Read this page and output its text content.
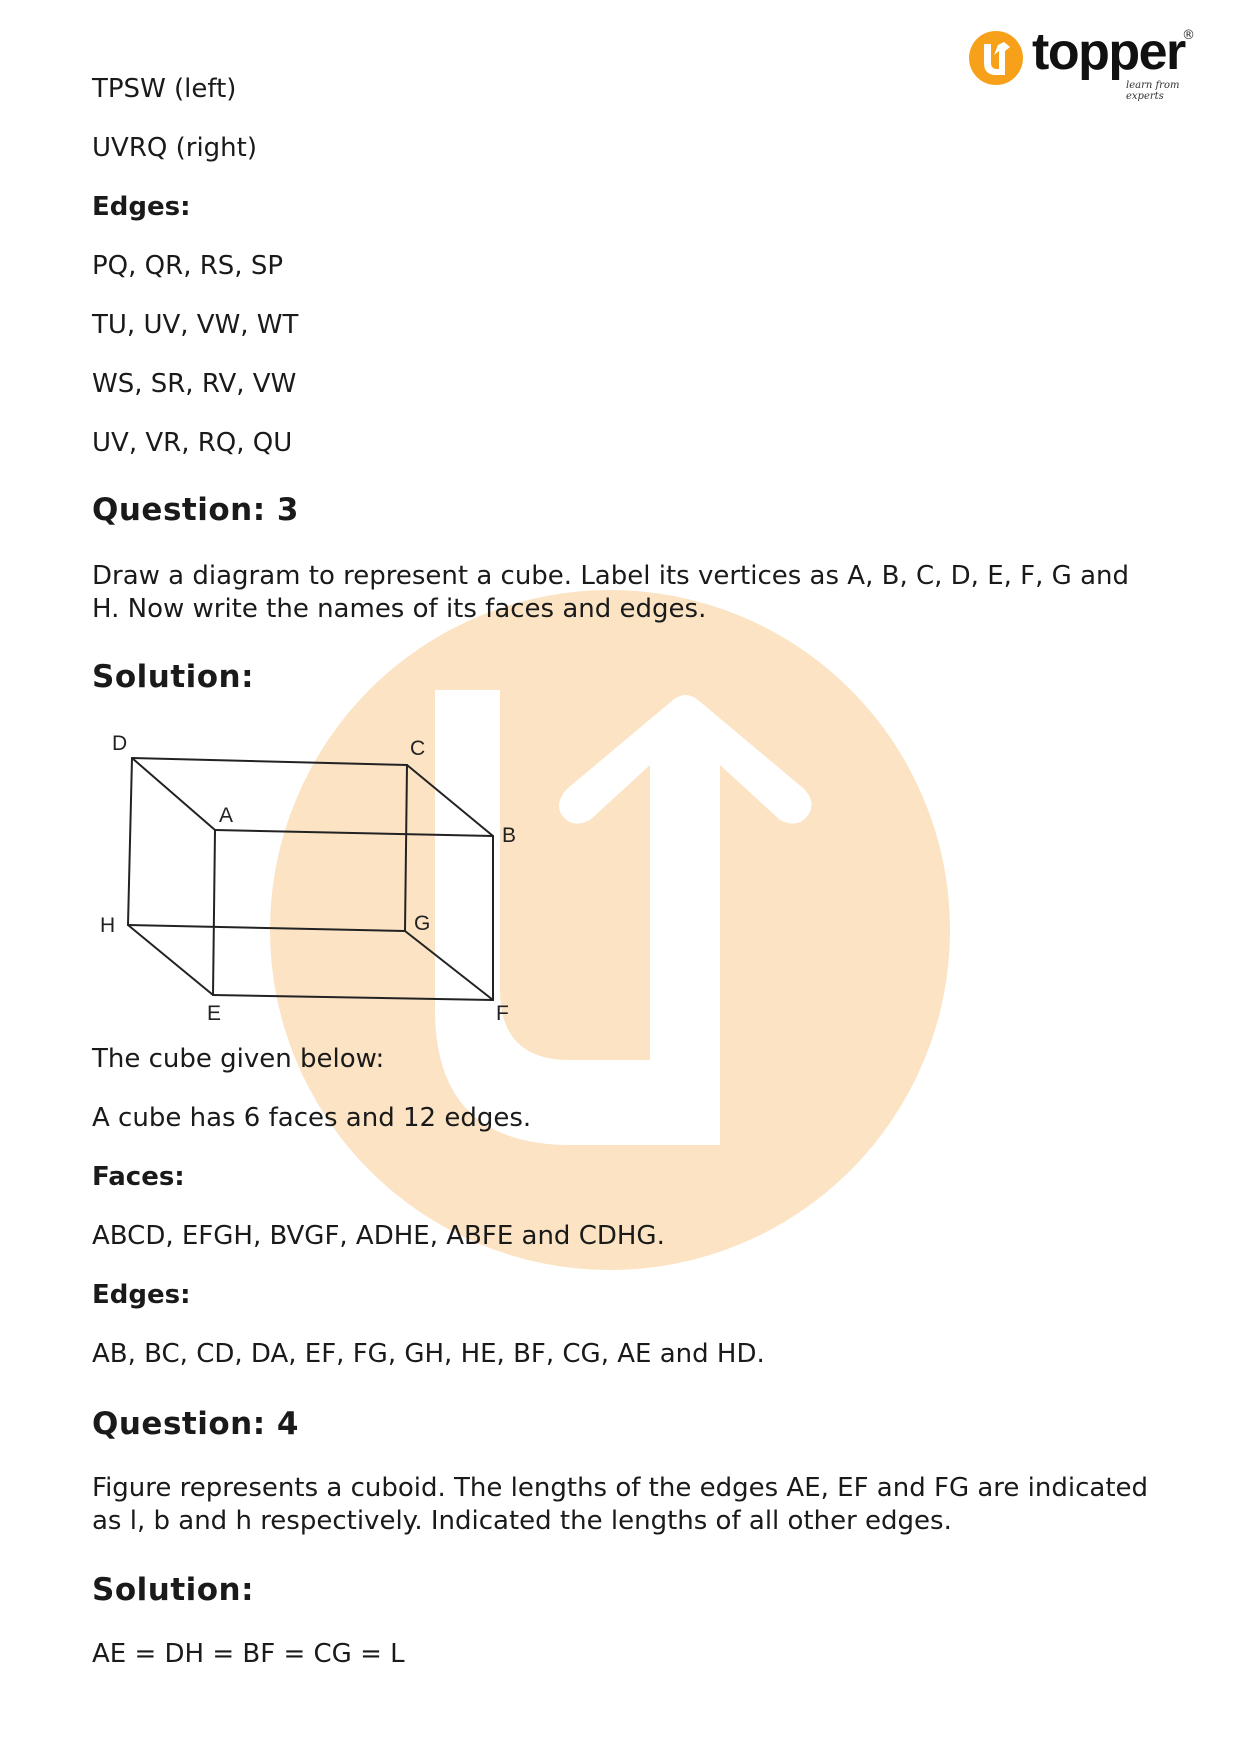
topper
learn from experts
®
TPSW (left)
UVRQ (right)
Edges:
PQ, QR, RS, SP
TU, UV, VW, WT
WS, SR, RV, VW
UV, VR, RQ, QU
Question: 3
Draw a diagram to represent a cube. Label its vertices as A, B, C, D, E, F, G and H. Now write the names of its faces and edges.
Solution:
The cube given below:
A cube has 6 faces and 12 edges.
Faces:
ABCD, EFGH, BVGF, ADHE, ABFE and CDHG.
Edges:
AB, BC, CD, DA, EF, FG, GH, HE, BF, CG, AE and HD.
Question: 4
Figure represents a cuboid. The lengths of the edges AE, EF and FG are indicated as l, b and h respectively. Indicated the lengths of all other edges.
Solution:
AE = DH = BF = CG = L
D	C
A
B
H	G
E	F
